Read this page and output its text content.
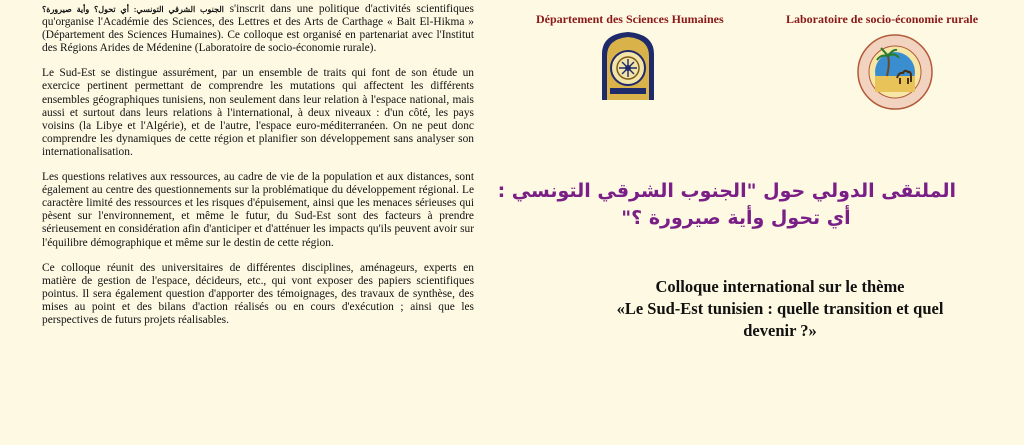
الجنوب الشرقي التونسي: أي تحول؟ وأية صيرورة؟ s'inscrit dans une politique d'activités scientifiques qu'organise l'Académie des Sciences, des Lettres et des Arts de Carthage « Bait El-Hikma » (Département des Sciences Humaines). Ce colloque est organisé en partenariat avec l'Institut des Régions Arides de Médenine (Laboratoire de socio-économie rurale).

Le Sud-Est se distingue assurément, par un ensemble de traits qui font de son étude un exercice pertinent permettant de comprendre les mutations qui affectent les différents ensembles géographiques tunisiens, non seulement dans leur relation à l'espace national, mais aussi et surtout dans leurs relations à l'international, à deux niveaux : d'un côté, les pays voisins (la Libye et l'Algérie), et de l'autre, l'espace euro-méditerranéen. On ne peut donc comprendre les dynamiques de cette région et planifier son développement sans analyser son internationalisation.

Les questions relatives aux ressources, au cadre de vie de la population et aux distances, sont également au centre des questionnements sur la problématique du développement régional. Le caractère limité des ressources et les risques d'épuisement, ainsi que les menaces sérieuses qui pèsent sur l'environnement, et même le futur, du Sud-Est sont des facteurs à prendre sérieusement en considération afin d'anticiper et d'atténuer les impacts qu'ils peuvent avoir sur l'équilibre démographique et même sur le destin de cette région.

Ce colloque réunit des universitaires de différentes disciplines, aménageurs, experts en matière de gestion de l'espace, décideurs, etc., qui vont exposer des papiers scientifiques pointus. Il sera également question d'apporter des témoignages, des travaux de synthèse, des mises au point et des bilans d'action réalisés ou en cours d'exécution ; ainsi que les perspectives de futurs projets réalisables.

Département des Sciences Humaines	Laboratoire de socio-économie rurale
الملتقى الدولي حول "الجنوب الشرقي التونسي :
أي تحول وأية صيرورة ؟"
Colloque international sur le thème
«Le Sud-Est tunisien : quelle transition et quel
devenir ?»
